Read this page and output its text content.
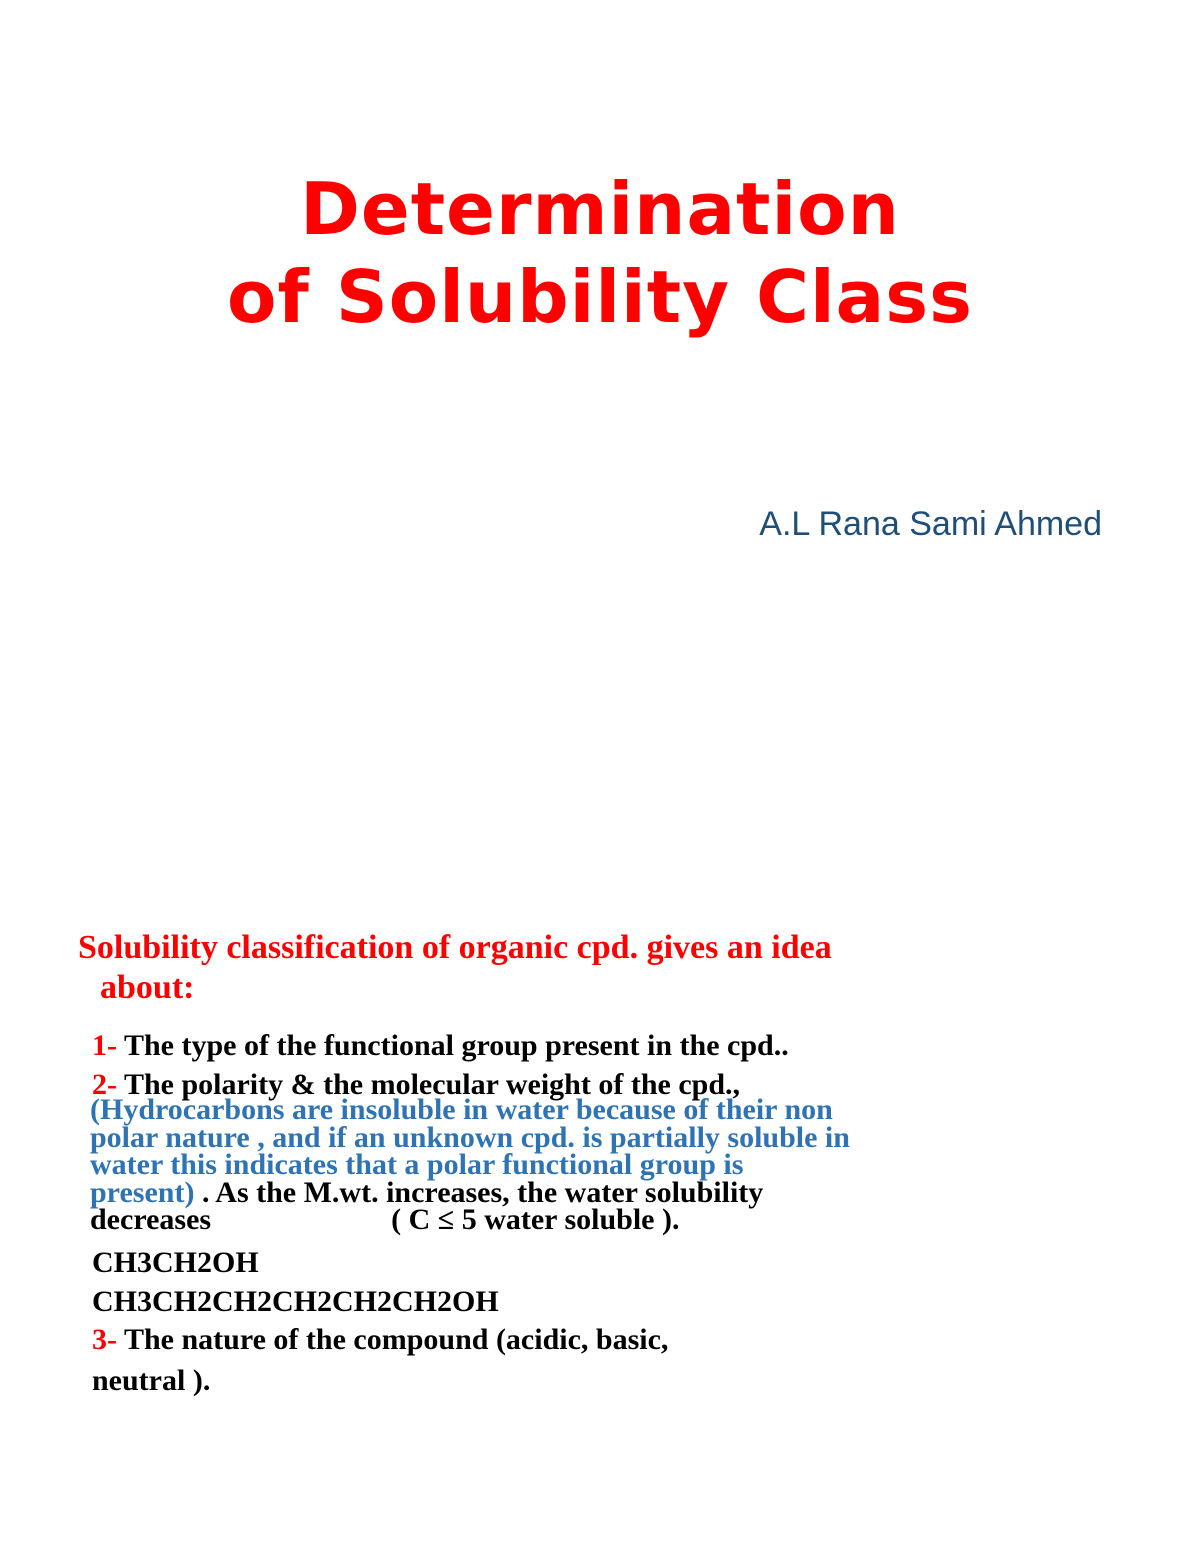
Determination
of Solubility Class
A.L Rana Sami Ahmed
Solubility classification of organic cpd. gives an idea
about:
1- The type of the functional group present in the cpd..
2- The polarity & the molecular weight of the cpd.,
(Hydrocarbons are insoluble in water because of their non
polar nature , and if an unknown cpd. is partially soluble in
water this indicates that a polar functional group is
present) . As the M.wt. increases, the water solubility
decreases	( C ≤ 5 water soluble ).
CH3CH2OH
CH3CH2CH2CH2CH2CH2OH
3- The nature of the compound (acidic, basic,
neutral ).
